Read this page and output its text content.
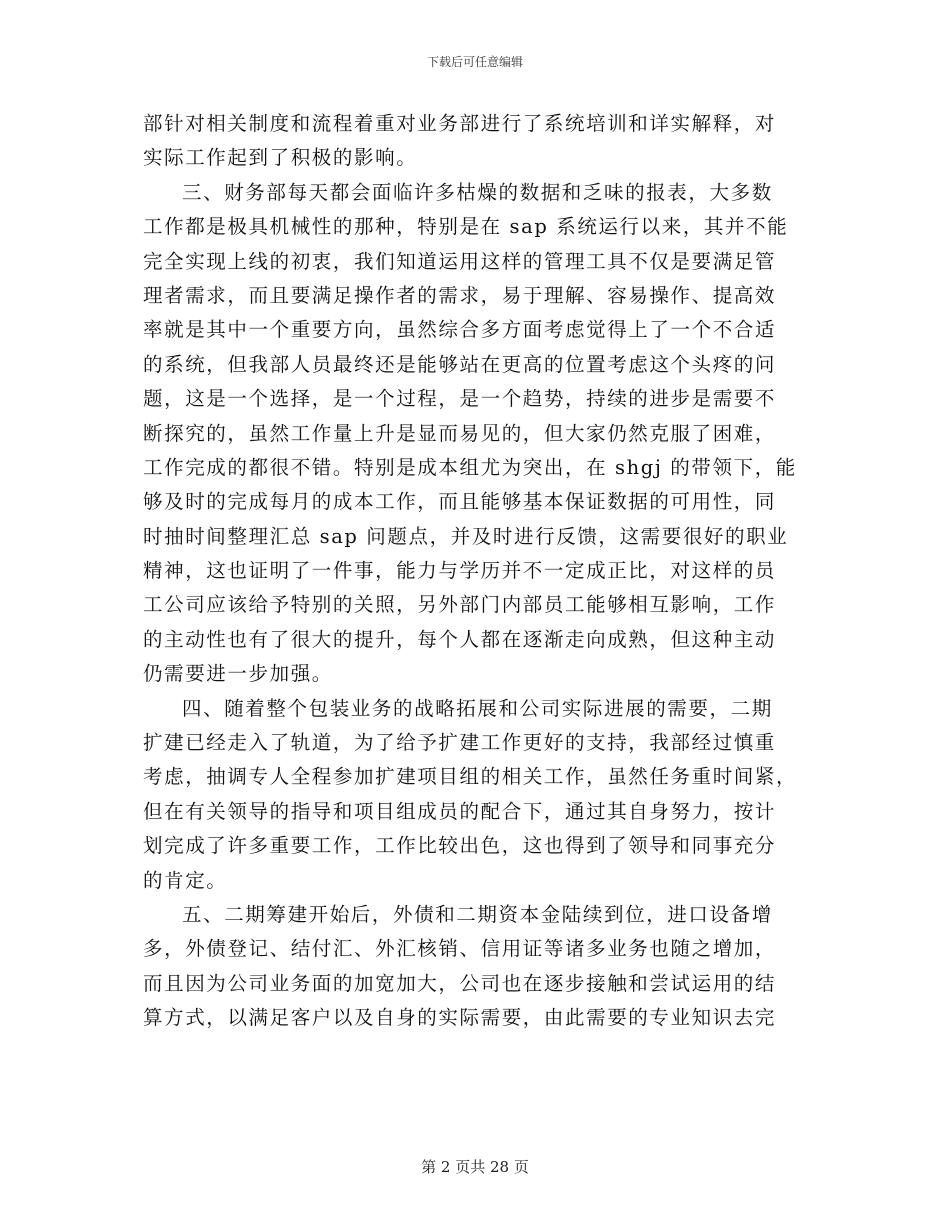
下载后可任意编辑
部针对相关制度和流程着重对业务部进行了系统培训和详实解释，对
实际工作起到了积极的影响。
三、财务部每天都会面临许多枯燥的数据和乏味的报表，大多数
工作都是极具机械性的那种，特别是在 sap 系统运行以来，其并不能
完全实现上线的初衷，我们知道运用这样的管理工具不仅是要满足管
理者需求，而且要满足操作者的需求，易于理解、容易操作、提高效
率就是其中一个重要方向，虽然综合多方面考虑觉得上了一个不合适
的系统，但我部人员最终还是能够站在更高的位置考虑这个头疼的问
题，这是一个选择，是一个过程，是一个趋势，持续的进步是需要不
断探究的，虽然工作量上升是显而易见的，但大家仍然克服了困难，
工作完成的都很不错。特别是成本组尤为突出，在 shgj 的带领下，能
够及时的完成每月的成本工作，而且能够基本保证数据的可用性，同
时抽时间整理汇总 sap 问题点，并及时进行反馈，这需要很好的职业
精神，这也证明了一件事，能力与学历并不一定成正比，对这样的员
工公司应该给予特别的关照，另外部门内部员工能够相互影响，工作
的主动性也有了很大的提升，每个人都在逐渐走向成熟，但这种主动
仍需要进一步加强。
四、随着整个包装业务的战略拓展和公司实际进展的需要，二期
扩建已经走入了轨道，为了给予扩建工作更好的支持，我部经过慎重
考虑，抽调专人全程参加扩建项目组的相关工作，虽然任务重时间紧，
但在有关领导的指导和项目组成员的配合下，通过其自身努力，按计
划完成了许多重要工作，工作比较出色，这也得到了领导和同事充分
的肯定。
五、二期筹建开始后，外债和二期资本金陆续到位，进口设备增
多，外债登记、结付汇、外汇核销、信用证等诸多业务也随之增加，
而且因为公司业务面的加宽加大，公司也在逐步接触和尝试运用的结
算方式，以满足客户以及自身的实际需要，由此需要的专业知识去完
第 2 页共 28 页
